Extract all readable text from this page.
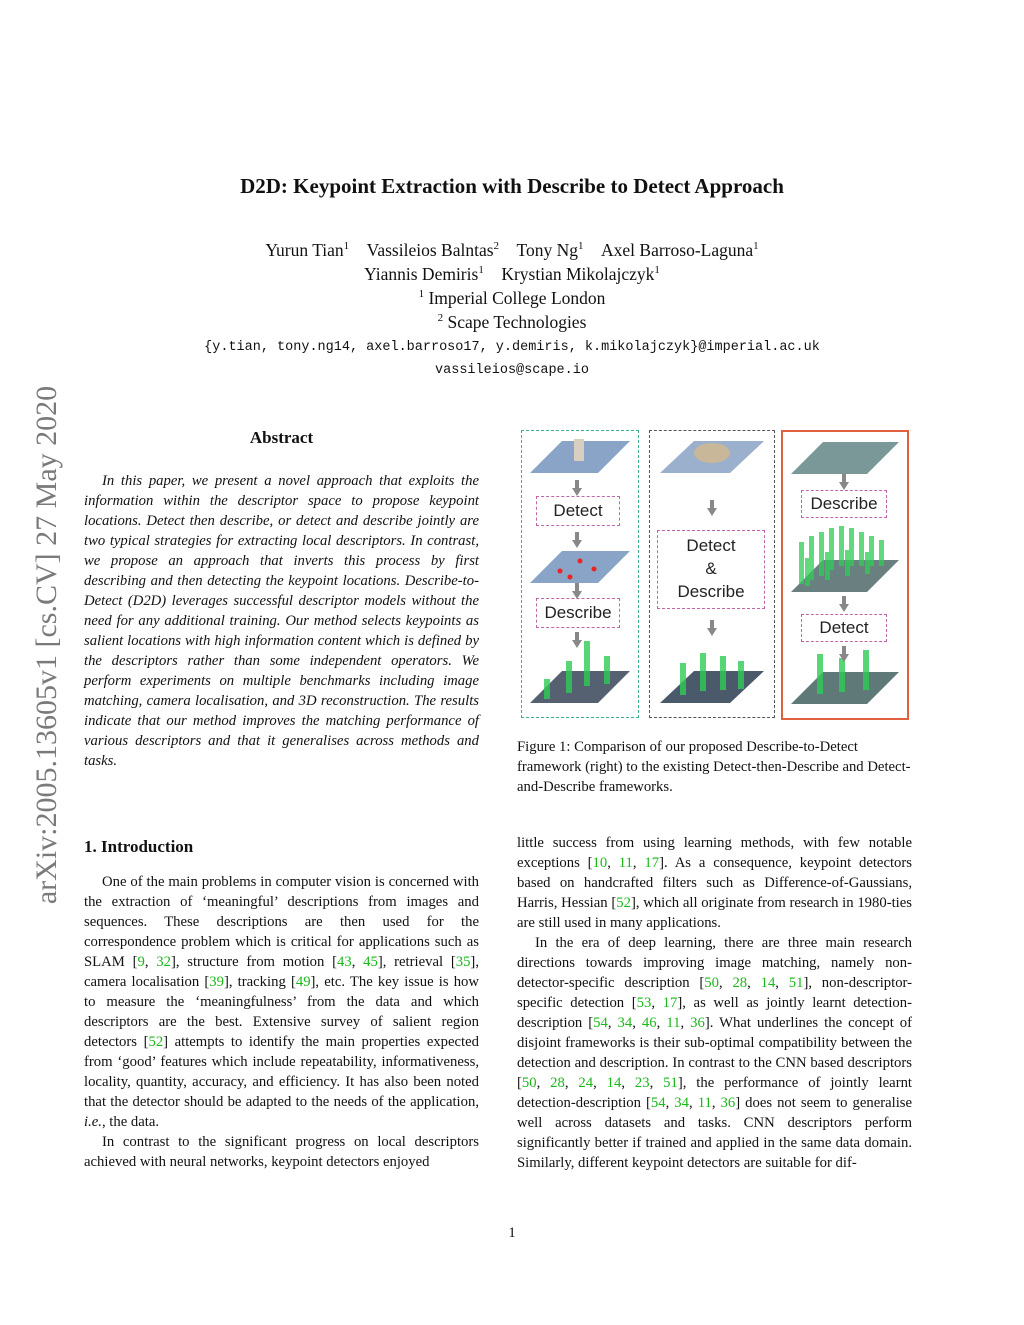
arXiv:2005.13605v1 [cs.CV] 27 May 2020
D2D: Keypoint Extraction with Describe to Detect Approach
Yurun Tian$^1$  Vassileios Balntas$^2$  Tony Ng$^1$  Axel Barroso-Laguna$^1$
Yiannis Demiris$^1$  Krystian Mikolajczyk$^1$
$^1$ Imperial College London
$^2$ Scape Technologies
{y.tian, tony.ng14, axel.barroso17, y.demiris, k.mikolajczyk}@imperial.ac.uk
vassileios@scape.io
Abstract

In this paper, we present a novel approach that exploits the information within the descriptor space to propose keypoint locations. Detect then describe, or detect and describe jointly are two typical strategies for extracting local descriptors. In contrast, we propose an approach that inverts this process by first describing and then detecting the keypoint locations. Describe-to-Detect (D2D) leverages successful descriptor models without the need for any additional training. Our method selects keypoints as salient locations with high information content which is defined by the descriptors rather than some independent operators. We perform experiments on multiple benchmarks including image matching, camera localisation, and 3D reconstruction. The results indicate that our method improves the matching performance of various descriptors and that it generalises across methods and tasks.

1. Introduction

One of the main problems in computer vision is concerned with the extraction of ‘meaningful’ descriptions from images and sequences. These descriptions are then used for the correspondence problem which is critical for applications such as SLAM [9, 32], structure from motion [43, 45], retrieval [35], camera localisation [39], tracking [49], etc. The key issue is how to measure the ‘meaningfulness’ from the data and which descriptors are the best. Extensive survey of salient region detectors [52] attempts to identify the main properties expected from ‘good’ features which include repeatability, informativeness, locality, quantity, accuracy, and efficiency. It has also been noted that the detector should be adapted to the needs of the application, i.e., the data.

In contrast to the significant progress on local descriptors achieved with neural networks, keypoint detectors enjoyed

little success from using learning methods, with few notable exceptions [10, 11, 17]. As a consequence, keypoint detectors based on handcrafted filters such as Difference-of-Gaussians, Harris, Hessian [52], which all originate from research in 1980-ties are still used in many applications.

In the era of deep learning, there are three main research directions towards improving image matching, namely non-detector-specific description [50, 28, 14, 51], non-descriptor-specific detection [53, 17], as well as jointly learnt detection-description [54, 34, 46, 11, 36]. What underlines the concept of disjoint frameworks is their sub-optimal compatibility between the detection and description. In contrast to the CNN based descriptors [50, 28, 24, 14, 23, 51], the performance of jointly learnt detection-description [54, 34, 11, 36] does not seem to generalise well across datasets and tasks. CNN descriptors perform significantly better if trained and applied in the same data domain. Similarly, different keypoint detectors are suitable for dif-

Detect
Describe
Detect
&
Describe
Describe
Detect
Figure 1: Comparison of our proposed Describe-to-Detect framework (right) to the existing Detect-then-Describe and Detect-and-Describe frameworks.
1
